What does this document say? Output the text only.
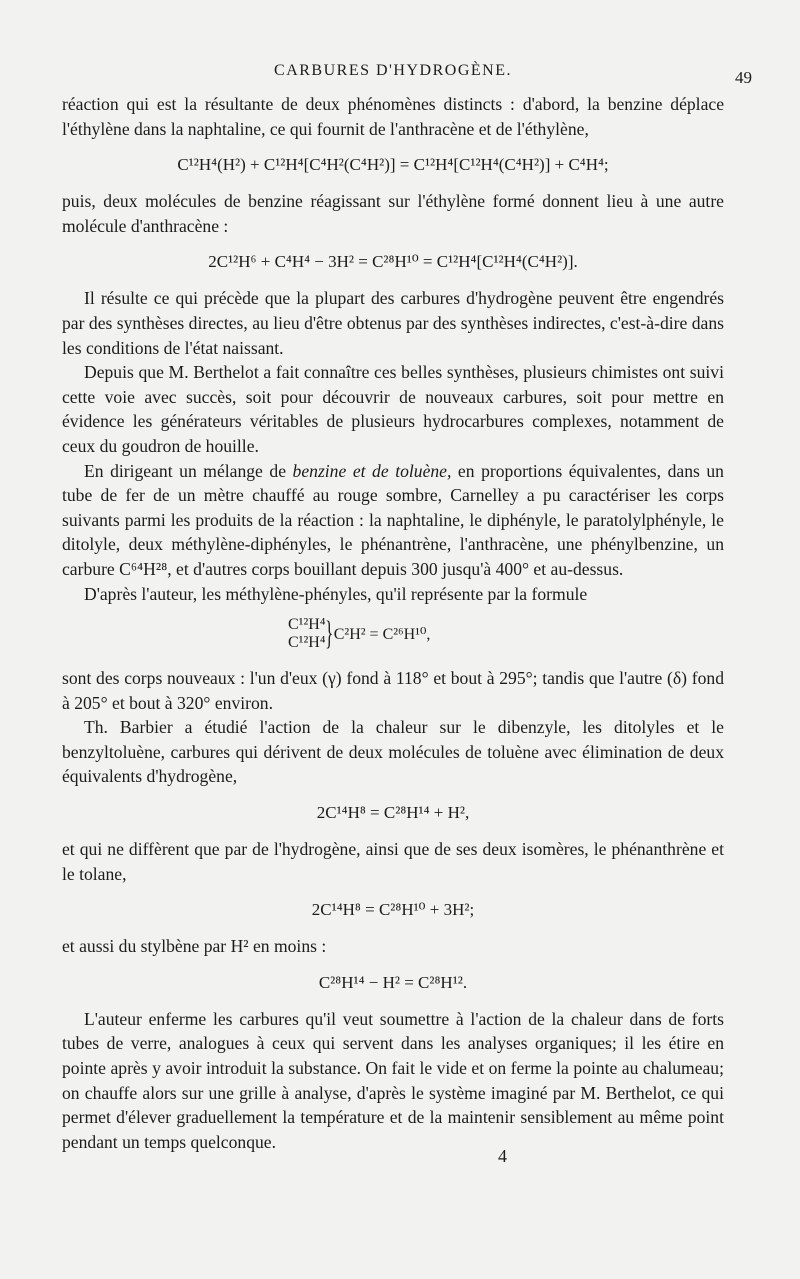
CARBURES D'HYDROGÈNE.	49

réaction qui est la résultante de deux phénomènes distincts : d'abord, la benzine déplace l'éthylène dans la naphtaline, ce qui fournit de l'anthracène et de l'éthylène,

C¹²H⁴(H²) + C¹²H⁴[C⁴H²(C⁴H²)] = C¹²H⁴[C¹²H⁴(C⁴H²)] + C⁴H⁴;

puis, deux molécules de benzine réagissant sur l'éthylène formé donnent lieu à une autre molécule d'anthracène :

2C¹²H⁶ + C⁴H⁴ − 3H² = C²⁸H¹⁰ = C¹²H⁴[C¹²H⁴(C⁴H²)].

Il résulte ce qui précède que la plupart des carbures d'hydrogène peuvent être engendrés par des synthèses directes, au lieu d'être obtenus par des synthèses indirectes, c'est-à-dire dans les conditions de l'état naissant.

Depuis que M. Berthelot a fait connaître ces belles synthèses, plusieurs chimistes ont suivi cette voie avec succès, soit pour découvrir de nouveaux carbures, soit pour mettre en évidence les générateurs véritables de plusieurs hydrocarbures complexes, notamment de ceux du goudron de houille.

En dirigeant un mélange de benzine et de toluène, en proportions équivalentes, dans un tube de fer de un mètre chauffé au rouge sombre, Carnelley a pu caractériser les corps suivants parmi les produits de la réaction : la naphtaline, le diphényle, le paratolylphényle, le ditolyle, deux méthylène-diphényles, le phénantrène, l'anthracène, une phénylbenzine, un carbure C⁶⁴H²⁸, et d'autres corps bouillant depuis 300 jusqu'à 400° et au-dessus.

D'après l'auteur, les méthylène-phényles, qu'il représente par la formule

C¹²H⁴
C¹²H⁴ } C²H² = C²⁶H¹⁰,

sont des corps nouveaux : l'un d'eux (γ) fond à 118° et bout à 295°; tandis que l'autre (δ) fond à 205° et bout à 320° environ.

Th. Barbier a étudié l'action de la chaleur sur le dibenzyle, les ditolyles et le benzyltoluène, carbures qui dérivent de deux molécules de toluène avec élimination de deux équivalents d'hydrogène,

2C¹⁴H⁸ = C²⁸H¹⁴ + H²,

et qui ne diffèrent que par de l'hydrogène, ainsi que de ses deux isomères, le phénanthrène et le tolane,

2C¹⁴H⁸ = C²⁸H¹⁰ + 3H²;

et aussi du stylbène par H² en moins :

C²⁸H¹⁴ − H² = C²⁸H¹².

L'auteur enferme les carbures qu'il veut soumettre à l'action de la chaleur dans de forts tubes de verre, analogues à ceux qui servent dans les analyses organiques; il les étire en pointe après y avoir introduit la substance. On fait le vide et on ferme la pointe au chalumeau; on chauffe alors sur une grille à analyse, d'après le système imaginé par M. Berthelot, ce qui permet d'élever graduellement la température et de la maintenir sensiblement au même point pendant un temps quelconque.

4
